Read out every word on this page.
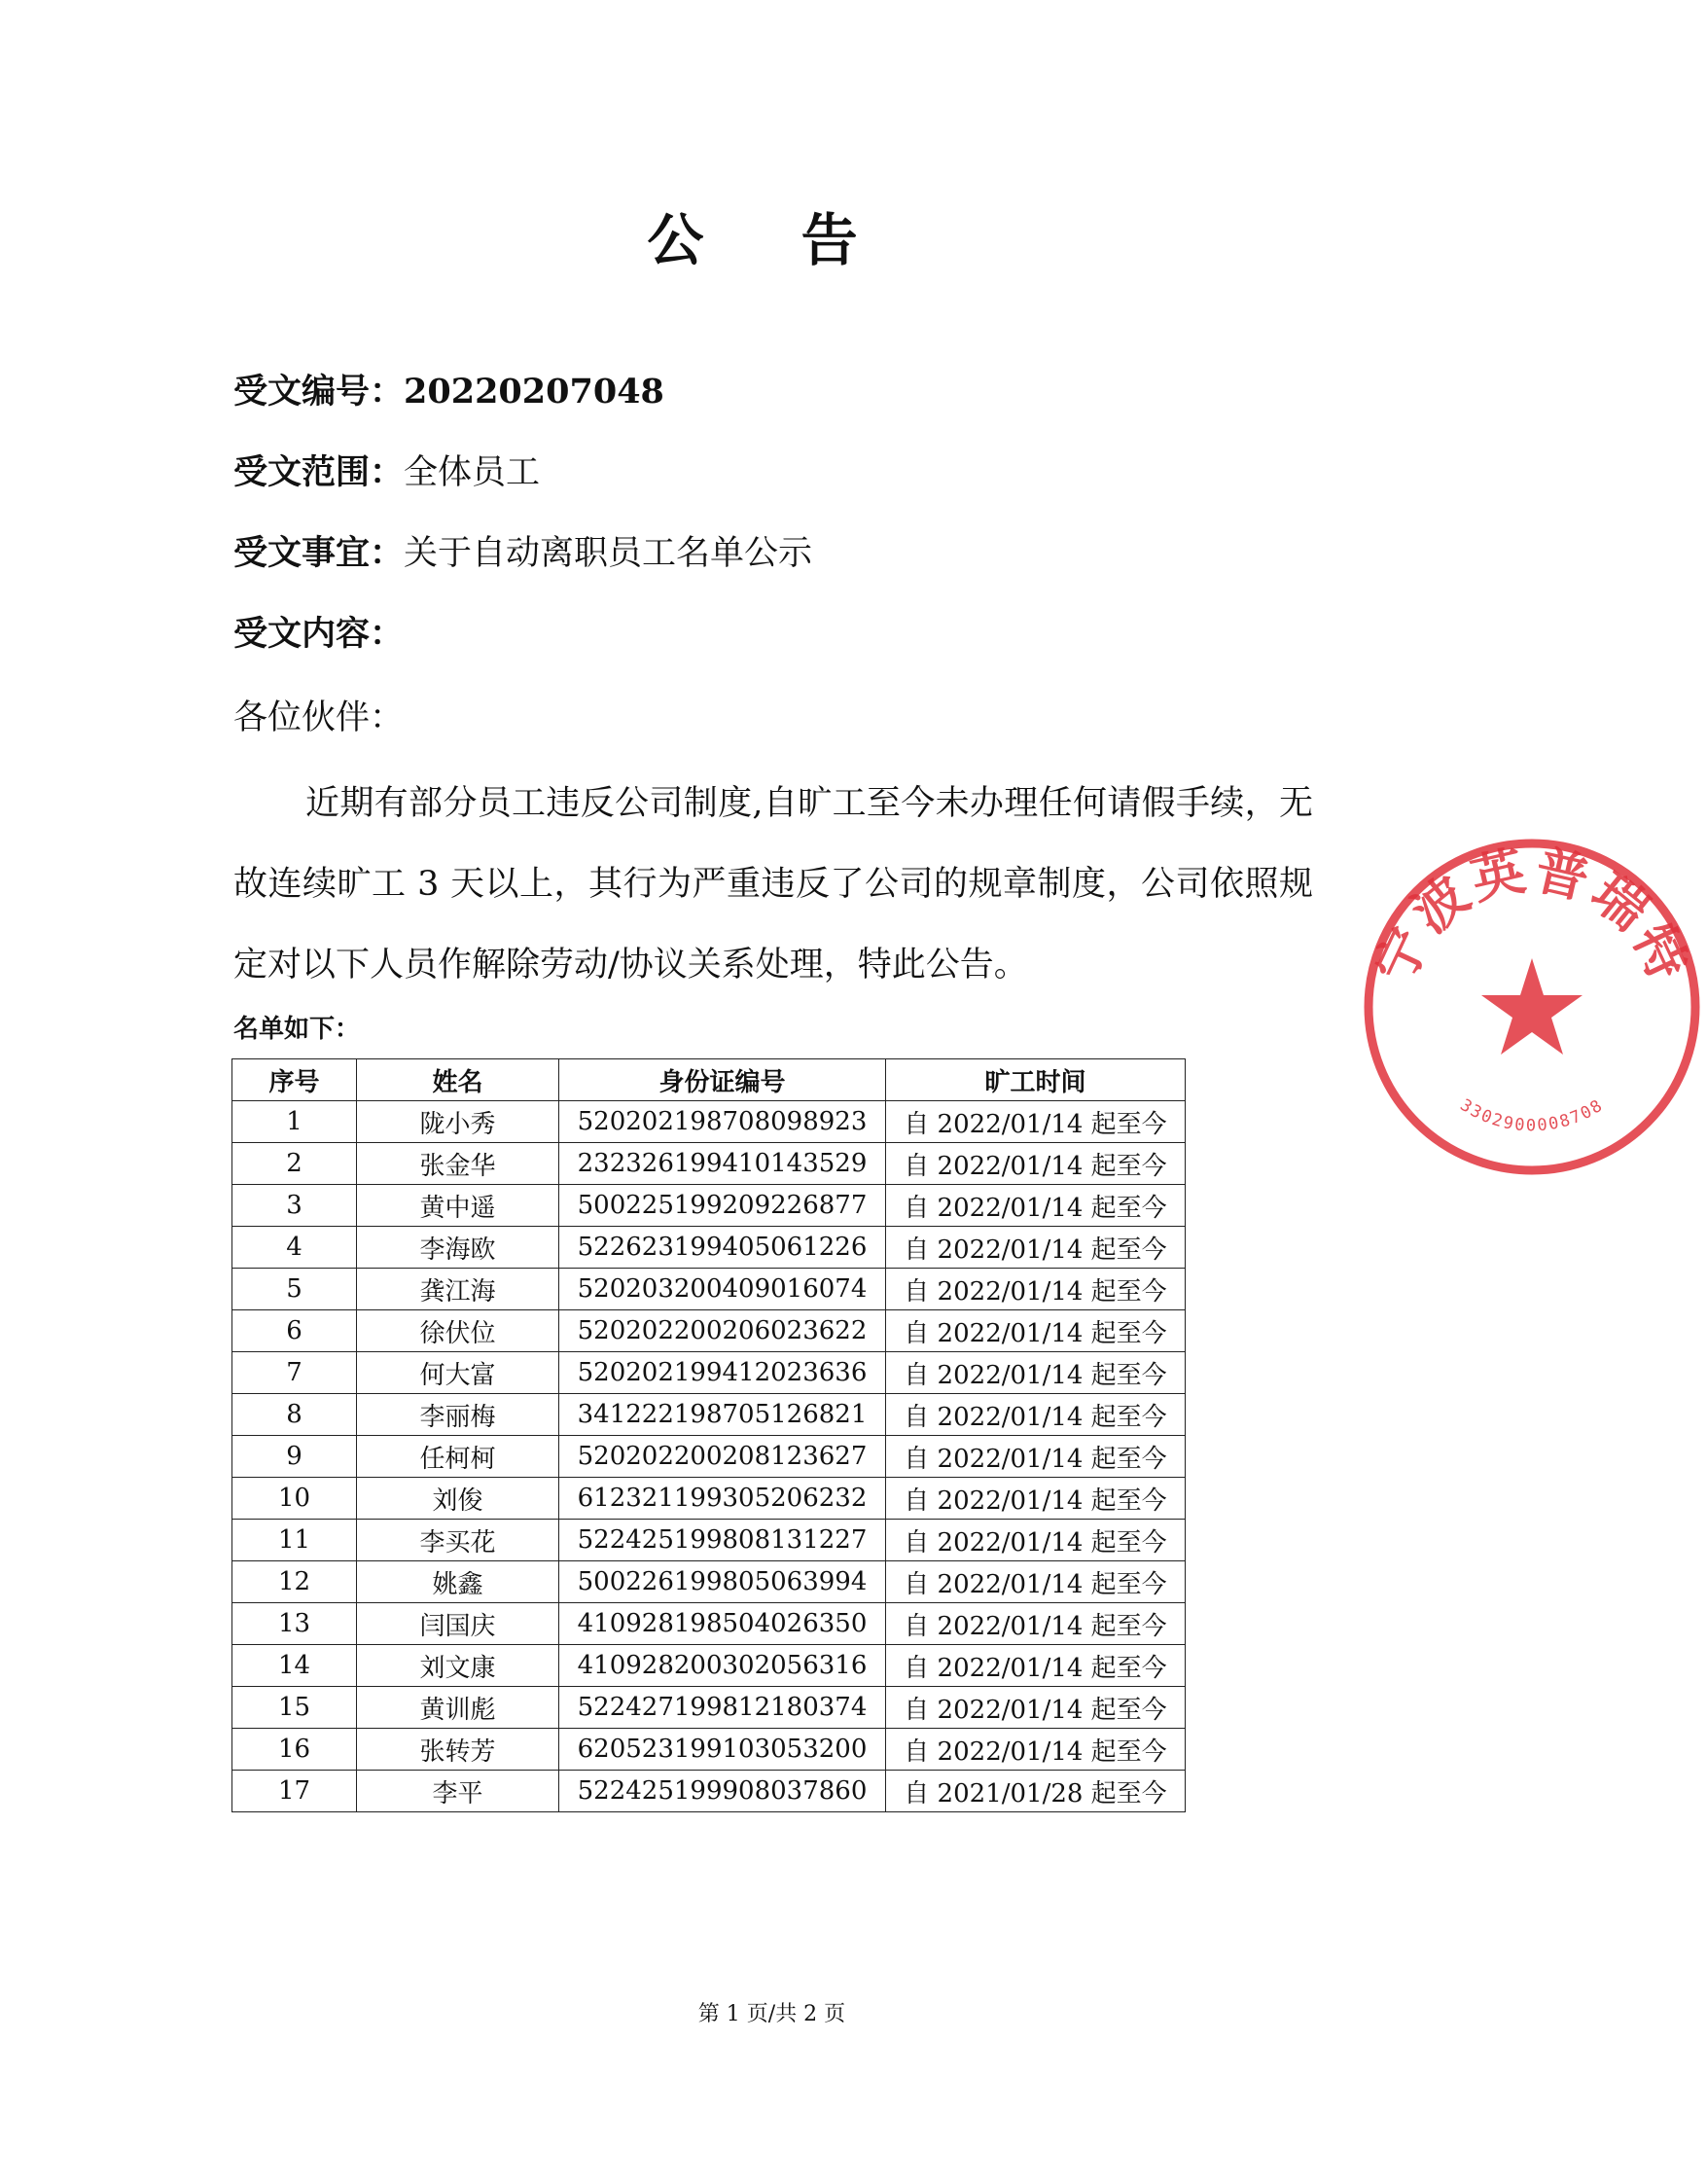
公 告
受文编号：20220207048
受文范围：全体员工
受文事宜：关于自动离职员工名单公示
受文内容：
各位伙伴：
近期有部分员工违反公司制度,自旷工至今未办理任何请假手续，无故连续旷工 3 天以上，其行为严重违反了公司的规章制度，公司依照规定对以下人员作解除劳动/协议关系处理，特此公告。
名单如下：
序号	姓名	身份证编号	旷工时间
1	陇小秀	520202198708098923	自 2022/01/14 起至今
2	张金华	232326199410143529	自 2022/01/14 起至今
3	黄中遥	500225199209226877	自 2022/01/14 起至今
4	李海欧	522623199405061226	自 2022/01/14 起至今
5	龚江海	520203200409016074	自 2022/01/14 起至今
6	徐伏位	520202200206023622	自 2022/01/14 起至今
7	何大富	520202199412023636	自 2022/01/14 起至今
8	李丽梅	341222198705126821	自 2022/01/14 起至今
9	任柯柯	520202200208123627	自 2022/01/14 起至今
10	刘俊	612321199305206232	自 2022/01/14 起至今
11	李买花	522425199808131227	自 2022/01/14 起至今
12	姚鑫	500226199805063994	自 2022/01/14 起至今
13	闫国庆	410928198504026350	自 2022/01/14 起至今
14	刘文康	410928200302056316	自 2022/01/14 起至今
15	黄训彪	522427199812180374	自 2022/01/14 起至今
16	张转芳	620523199103053200	自 2022/01/14 起至今
17	李平	522425199908037860	自 2021/01/28 起至今
宁波英普瑞特
3302900008708
第 1 页/共 2 页
